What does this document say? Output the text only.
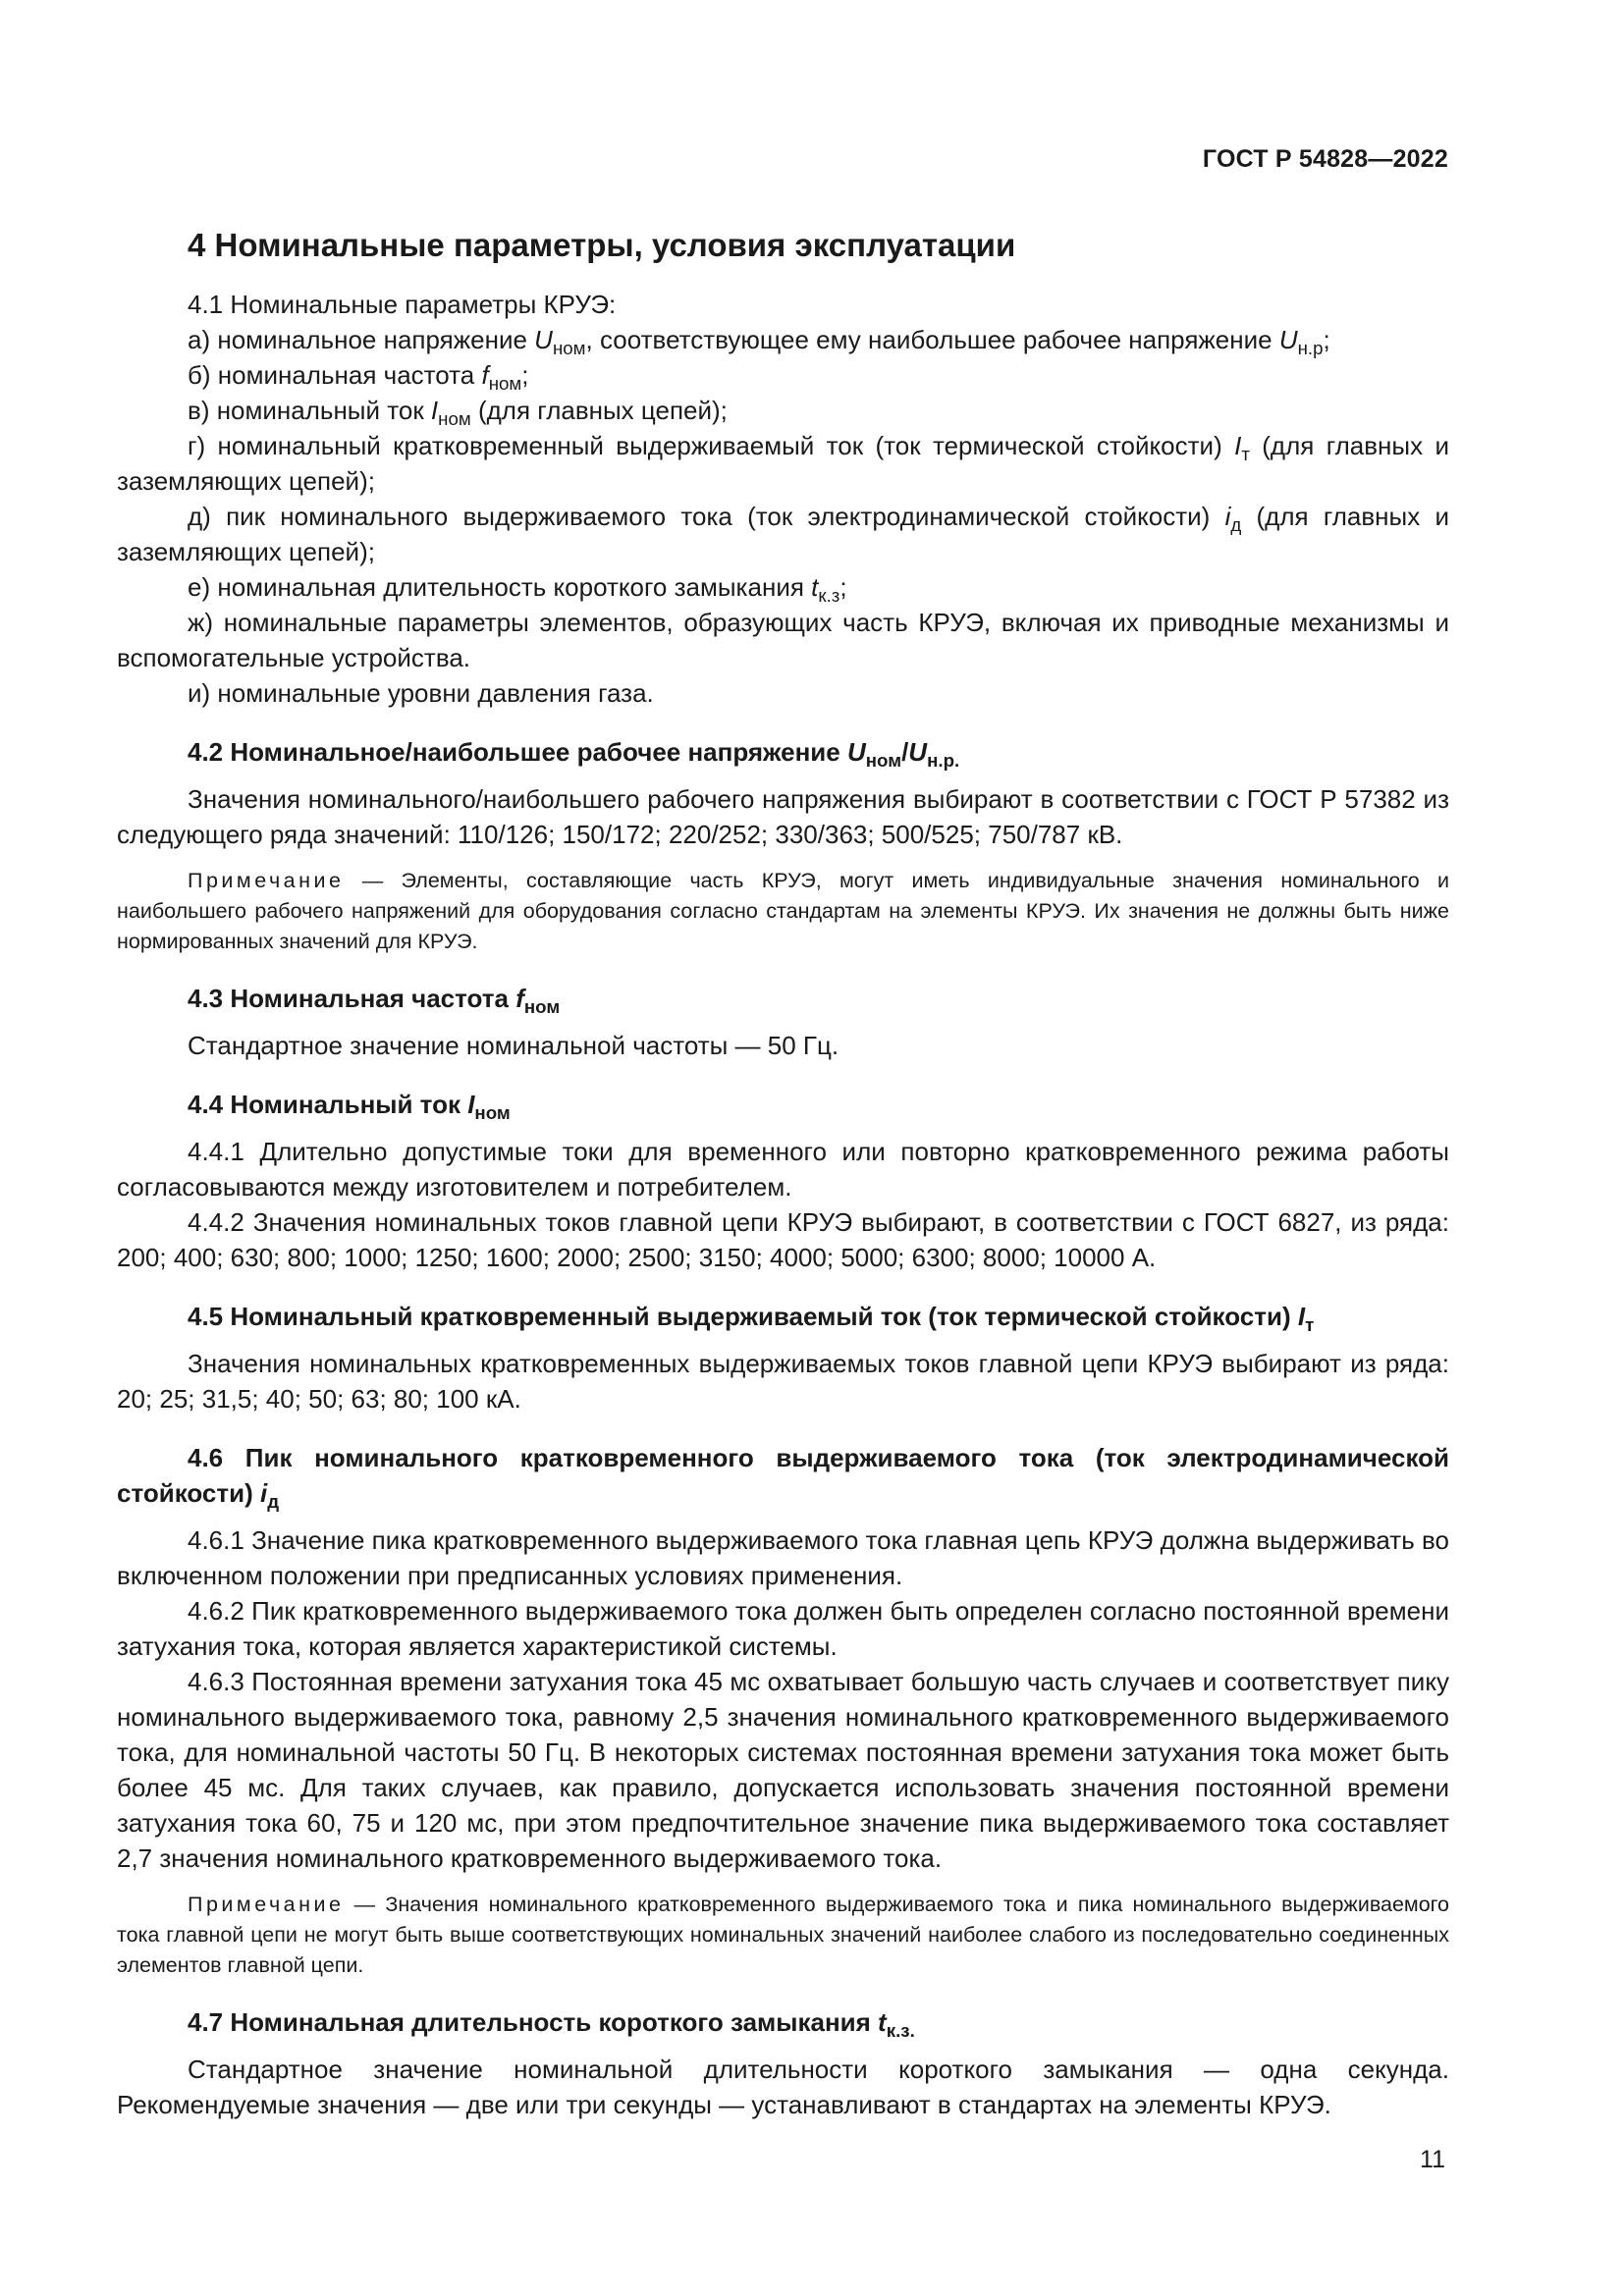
ГОСТ Р 54828—2022
4 Номинальные параметры, условия эксплуатации

4.1 Номинальные параметры КРУЭ:

а) номинальное напряжение $U_{ном}$, соответствующее ему наибольшее рабочее напряжение $U_{н.р}$;

б) номинальная частота $f_{ном}$;

в) номинальный ток $I_{ном}$ (для главных цепей);

г) номинальный кратковременный выдерживаемый ток (ток термической стойкости) $I_т$ (для главных и заземляющих цепей);

д) пик номинального выдерживаемого тока (ток электродинамической стойкости) $i_д$ (для главных и заземляющих цепей);

е) номинальная длительность короткого замыкания $t_{к.з}$;

ж) номинальные параметры элементов, образующих часть КРУЭ, включая их приводные механизмы и вспомогательные устройства.

и) номинальные уровни давления газа.

4.2 Номинальное/наибольшее рабочее напряжение $U_{ном}/U_{н.р.}$

Значения номинального/наибольшего рабочего напряжения выбирают в соответствии с ГОСТ Р 57382 из следующего ряда значений: 110/126; 150/172; 220/252; 330/363; 500/525; 750/787 кВ.

Примечание — Элементы, составляющие часть КРУЭ, могут иметь индивидуальные значения номинального и наибольшего рабочего напряжений для оборудования согласно стандартам на элементы КРУЭ. Их значения не должны быть ниже нормированных значений для КРУЭ.
4.3 Номинальная частота $f_{ном}$

Стандартное значение номинальной частоты — 50 Гц.

4.4 Номинальный ток $I_{ном}$

4.4.1 Длительно допустимые токи для временного или повторно кратковременного режима работы согласовываются между изготовителем и потребителем.

4.4.2 Значения номинальных токов главной цепи КРУЭ выбирают, в соответствии с ГОСТ 6827, из ряда: 200; 400; 630; 800; 1000; 1250; 1600; 2000; 2500; 3150; 4000; 5000; 6300; 8000; 10000 А.

4.5 Номинальный кратковременный выдерживаемый ток (ток термической стойкости) $I_т$

Значения номинальных кратковременных выдерживаемых токов главной цепи КРУЭ выбирают из ряда: 20; 25; 31,5; 40; 50; 63; 80; 100 кА.

4.6 Пик номинального кратковременного выдерживаемого тока (ток электродинамической стойкости) $i_д$

4.6.1 Значение пика кратковременного выдерживаемого тока главная цепь КРУЭ должна выдерживать во включенном положении при предписанных условиях применения.

4.6.2 Пик кратковременного выдерживаемого тока должен быть определен согласно постоянной времени затухания тока, которая является характеристикой системы.

4.6.3 Постоянная времени затухания тока 45 мс охватывает большую часть случаев и соответствует пику номинального выдерживаемого тока, равному 2,5 значения номинального кратковременного выдерживаемого тока, для номинальной частоты 50 Гц. В некоторых системах постоянная времени затухания тока может быть более 45 мс. Для таких случаев, как правило, допускается использовать значения постоянной времени затухания тока 60, 75 и 120 мс, при этом предпочтительное значение пика выдерживаемого тока составляет 2,7 значения номинального кратковременного выдерживаемого тока.

Примечание — Значения номинального кратковременного выдерживаемого тока и пика номинального выдерживаемого тока главной цепи не могут быть выше соответствующих номинальных значений наиболее слабого из последовательно соединенных элементов главной цепи.
4.7 Номинальная длительность короткого замыкания $t_{к.з.}$

Стандартное значение номинальной длительности короткого замыкания — одна секунда. Рекомендуемые значения — две или три секунды — устанавливают в стандартах на элементы КРУЭ.

11
